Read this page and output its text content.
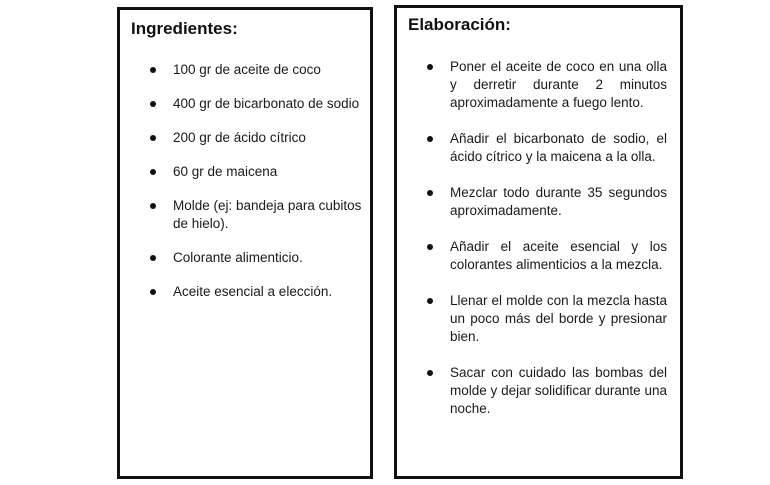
Ingredientes:
100 gr de aceite de coco
400 gr de bicarbonato de sodio
200 gr de ácido cítrico
60 gr de maicena
Molde (ej: bandeja para cubitos de hielo).
Colorante alimenticio.
Aceite esencial a elección.
Elaboración:
Poner el aceite de coco en una olla y derretir durante 2 minutos aproximadamente a fuego lento.
Añadir el bicarbonato de sodio, el ácido cítrico y la maicena a la olla.
Mezclar todo durante 35 segundos aproximadamente.
Añadir el aceite esencial y los colorantes alimenticios a la mezcla.
Llenar el molde con la mezcla hasta un poco más del borde y presionar bien.
Sacar con cuidado las bombas del molde y dejar solidificar durante una noche.
